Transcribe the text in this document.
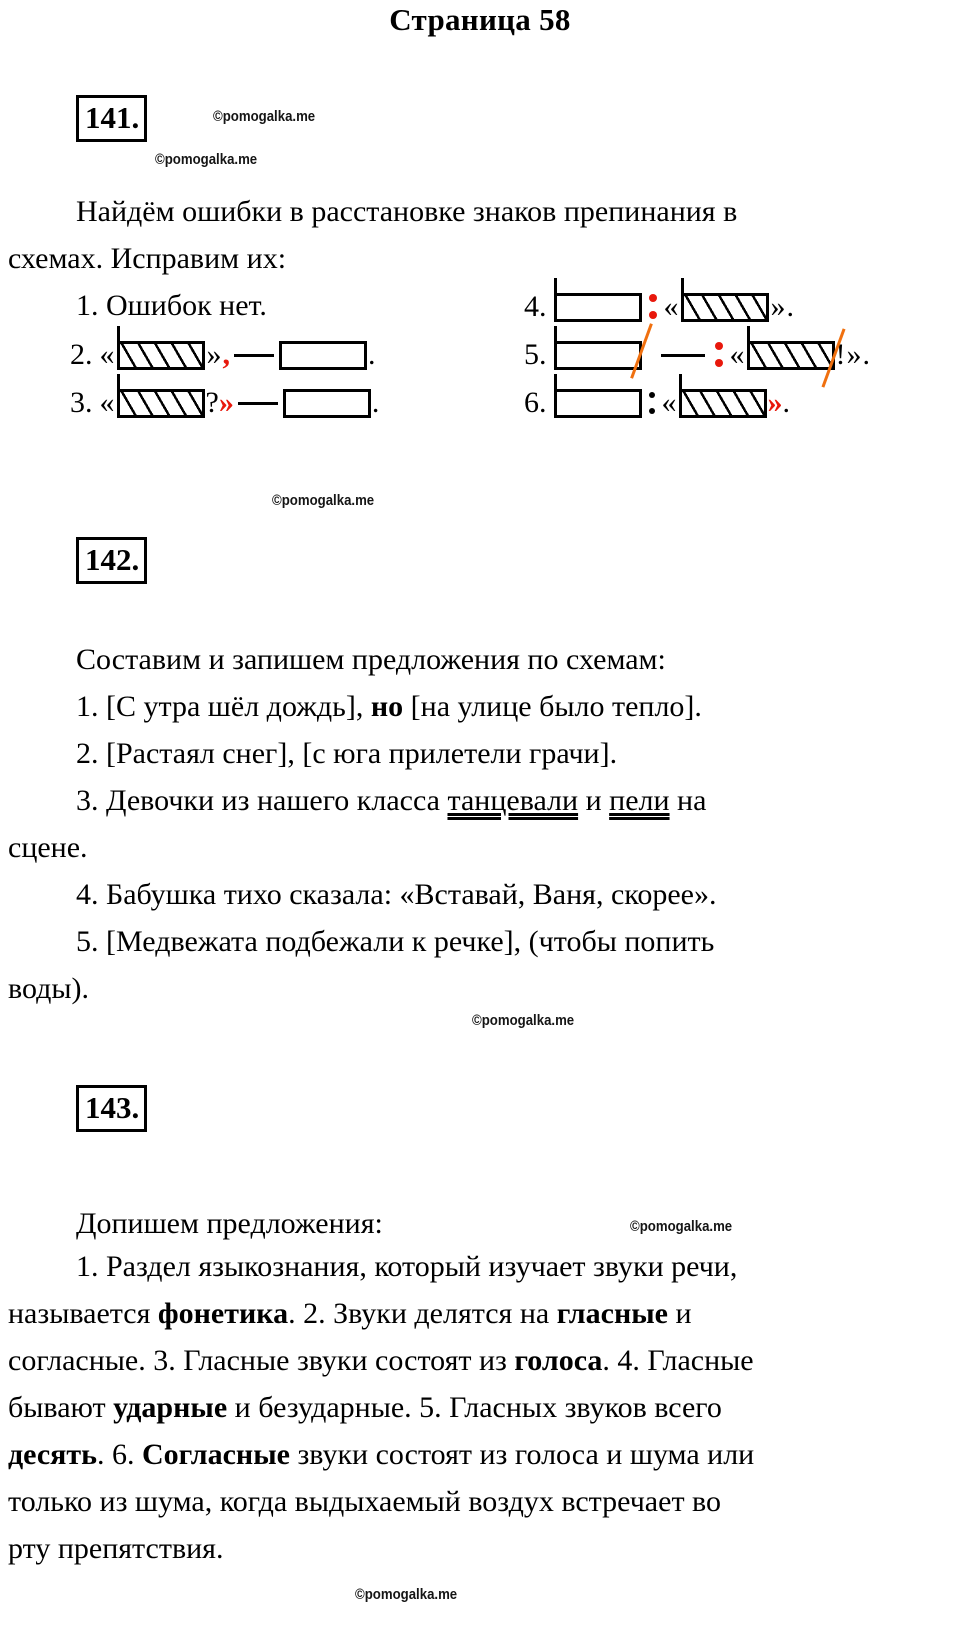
Страница 58
141.	©pomogalka.me
©pomogalka.me
Найдём ошибки в расстановке знаков препинания в
схемах. Исправим их:
1. Ошибок нет.
2. «	» ,	.
3. «	? »	.
4.	«	» .
5.	«	! » .
6.	«	» .
©pomogalka.me
142.
Составим и запишем предложения по схемам:
1. [С утра шёл дождь], но [на улице было тепло].
2. [Растаял снег], [с юга прилетели грачи].
3. Девочки из нашего класса танцевали и пели на
сцене.
4. Бабушка тихо сказала: «Вставай, Ваня, скорее».
5. [Медвежата подбежали к речке], (чтобы попить
воды).
©pomogalka.me
143.
Допишем предложения:	©pomogalka.me
1. Раздел языкознания, который изучает звуки речи,
называется фонетика. 2. Звуки делятся на гласные и
согласные. 3. Гласные звуки состоят из голоса. 4. Гласные
бывают ударные и безударные. 5. Гласных звуков всего
десять. 6. Согласные звуки состоят из голоса и шума или
только из шума, когда выдыхаемый воздух встречает во
рту препятствия.
©pomogalka.me
